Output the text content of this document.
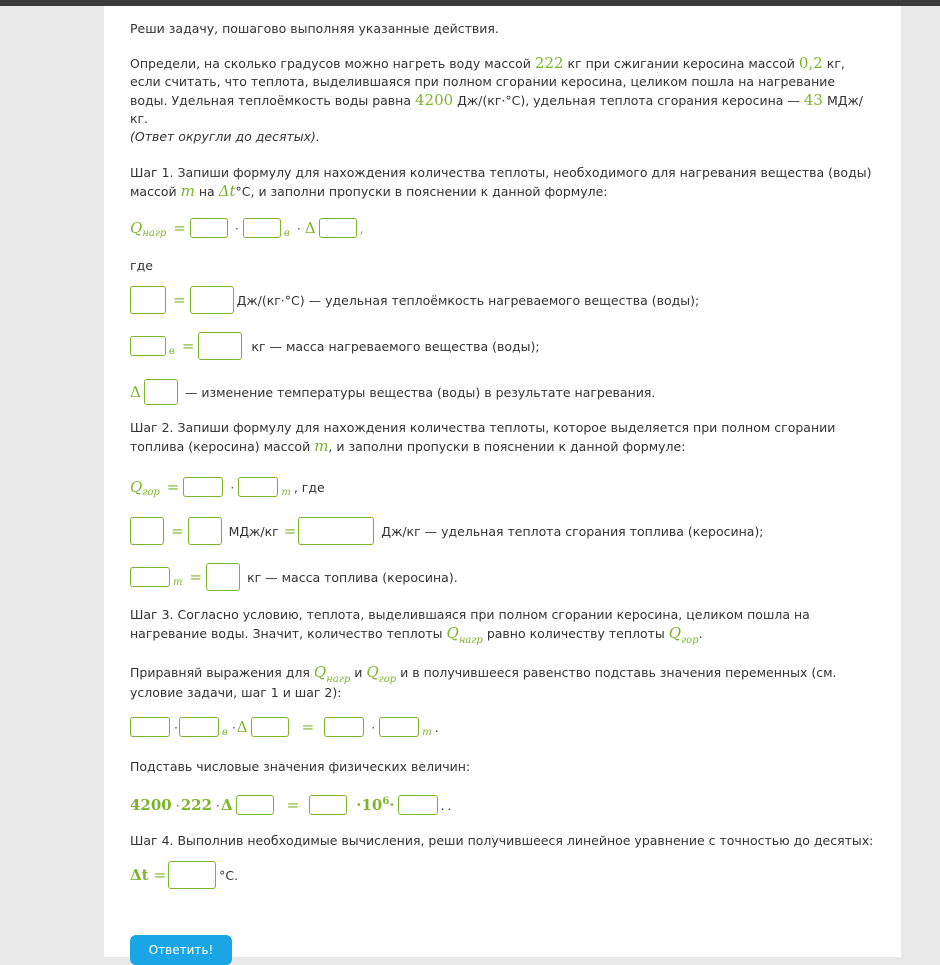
Реши задачу, пошагово выполняя указанные действия.

Определи, на сколько градусов можно нагреть воду массой 222 кг при сжигании керосина массой 0,2 кг, если считать, что теплота, выделившаяся при полном сгорании керосина, целиком пошла на нагревание воды. Удельная теплоёмкость воды равна 4200 Дж/(кг·°С), удельная теплота сгорания керосина — 43 МДж/кг.
(Ответ округли до десятых).

Шаг 1. Запиши формулу для нахождения количества теплоты, необходимого для нагревания вещества (воды) массой m на Δt°С, и заполни пропуски в пояснении к данной формуле:

Q нагр =	·	в · Δ	,

где

=	Дж/(кг·°С) — удельная теплоёмкость нагреваемого вещества (воды);
в =	кг — масса нагреваемого вещества (воды);
Δ	— изменение температуры вещества (воды) в результате нагревания.

Шаг 2. Запиши формулу для нахождения количества теплоты, которое выделяется при полном сгорании топлива (керосина) массой m, и заполни пропуски в пояснении к данной формуле:

Q гор =	·	т , где
=	МДж/кг =	Дж/кг — удельная теплота сгорания топлива (керосина);
т =	кг — масса топлива (керосина).

Шаг 3. Согласно условию, теплота, выделившаяся при полном сгорании керосина, целиком пошла на нагревание воды. Значит, количество теплоты $Q_{нагр}$ равно количеству теплоты $Q_{гор}$.

Приравняй выражения для $Q_{нагр}$ и $Q_{гор}$ и в получившееся равенство подставь значения переменных (см. условие задачи, шаг 1 и шаг 2):

·	в · Δ	=	·	т .

Подставь числовые значения физических величин:

4200 · 222 · Δ	=	$\cdot 10^6\cdot$	. .

Шаг 4. Выполнив необходимые вычисления, реши получившееся линейное уравнение с точностью до десятых:

Δt =	°С.
Ответить!
